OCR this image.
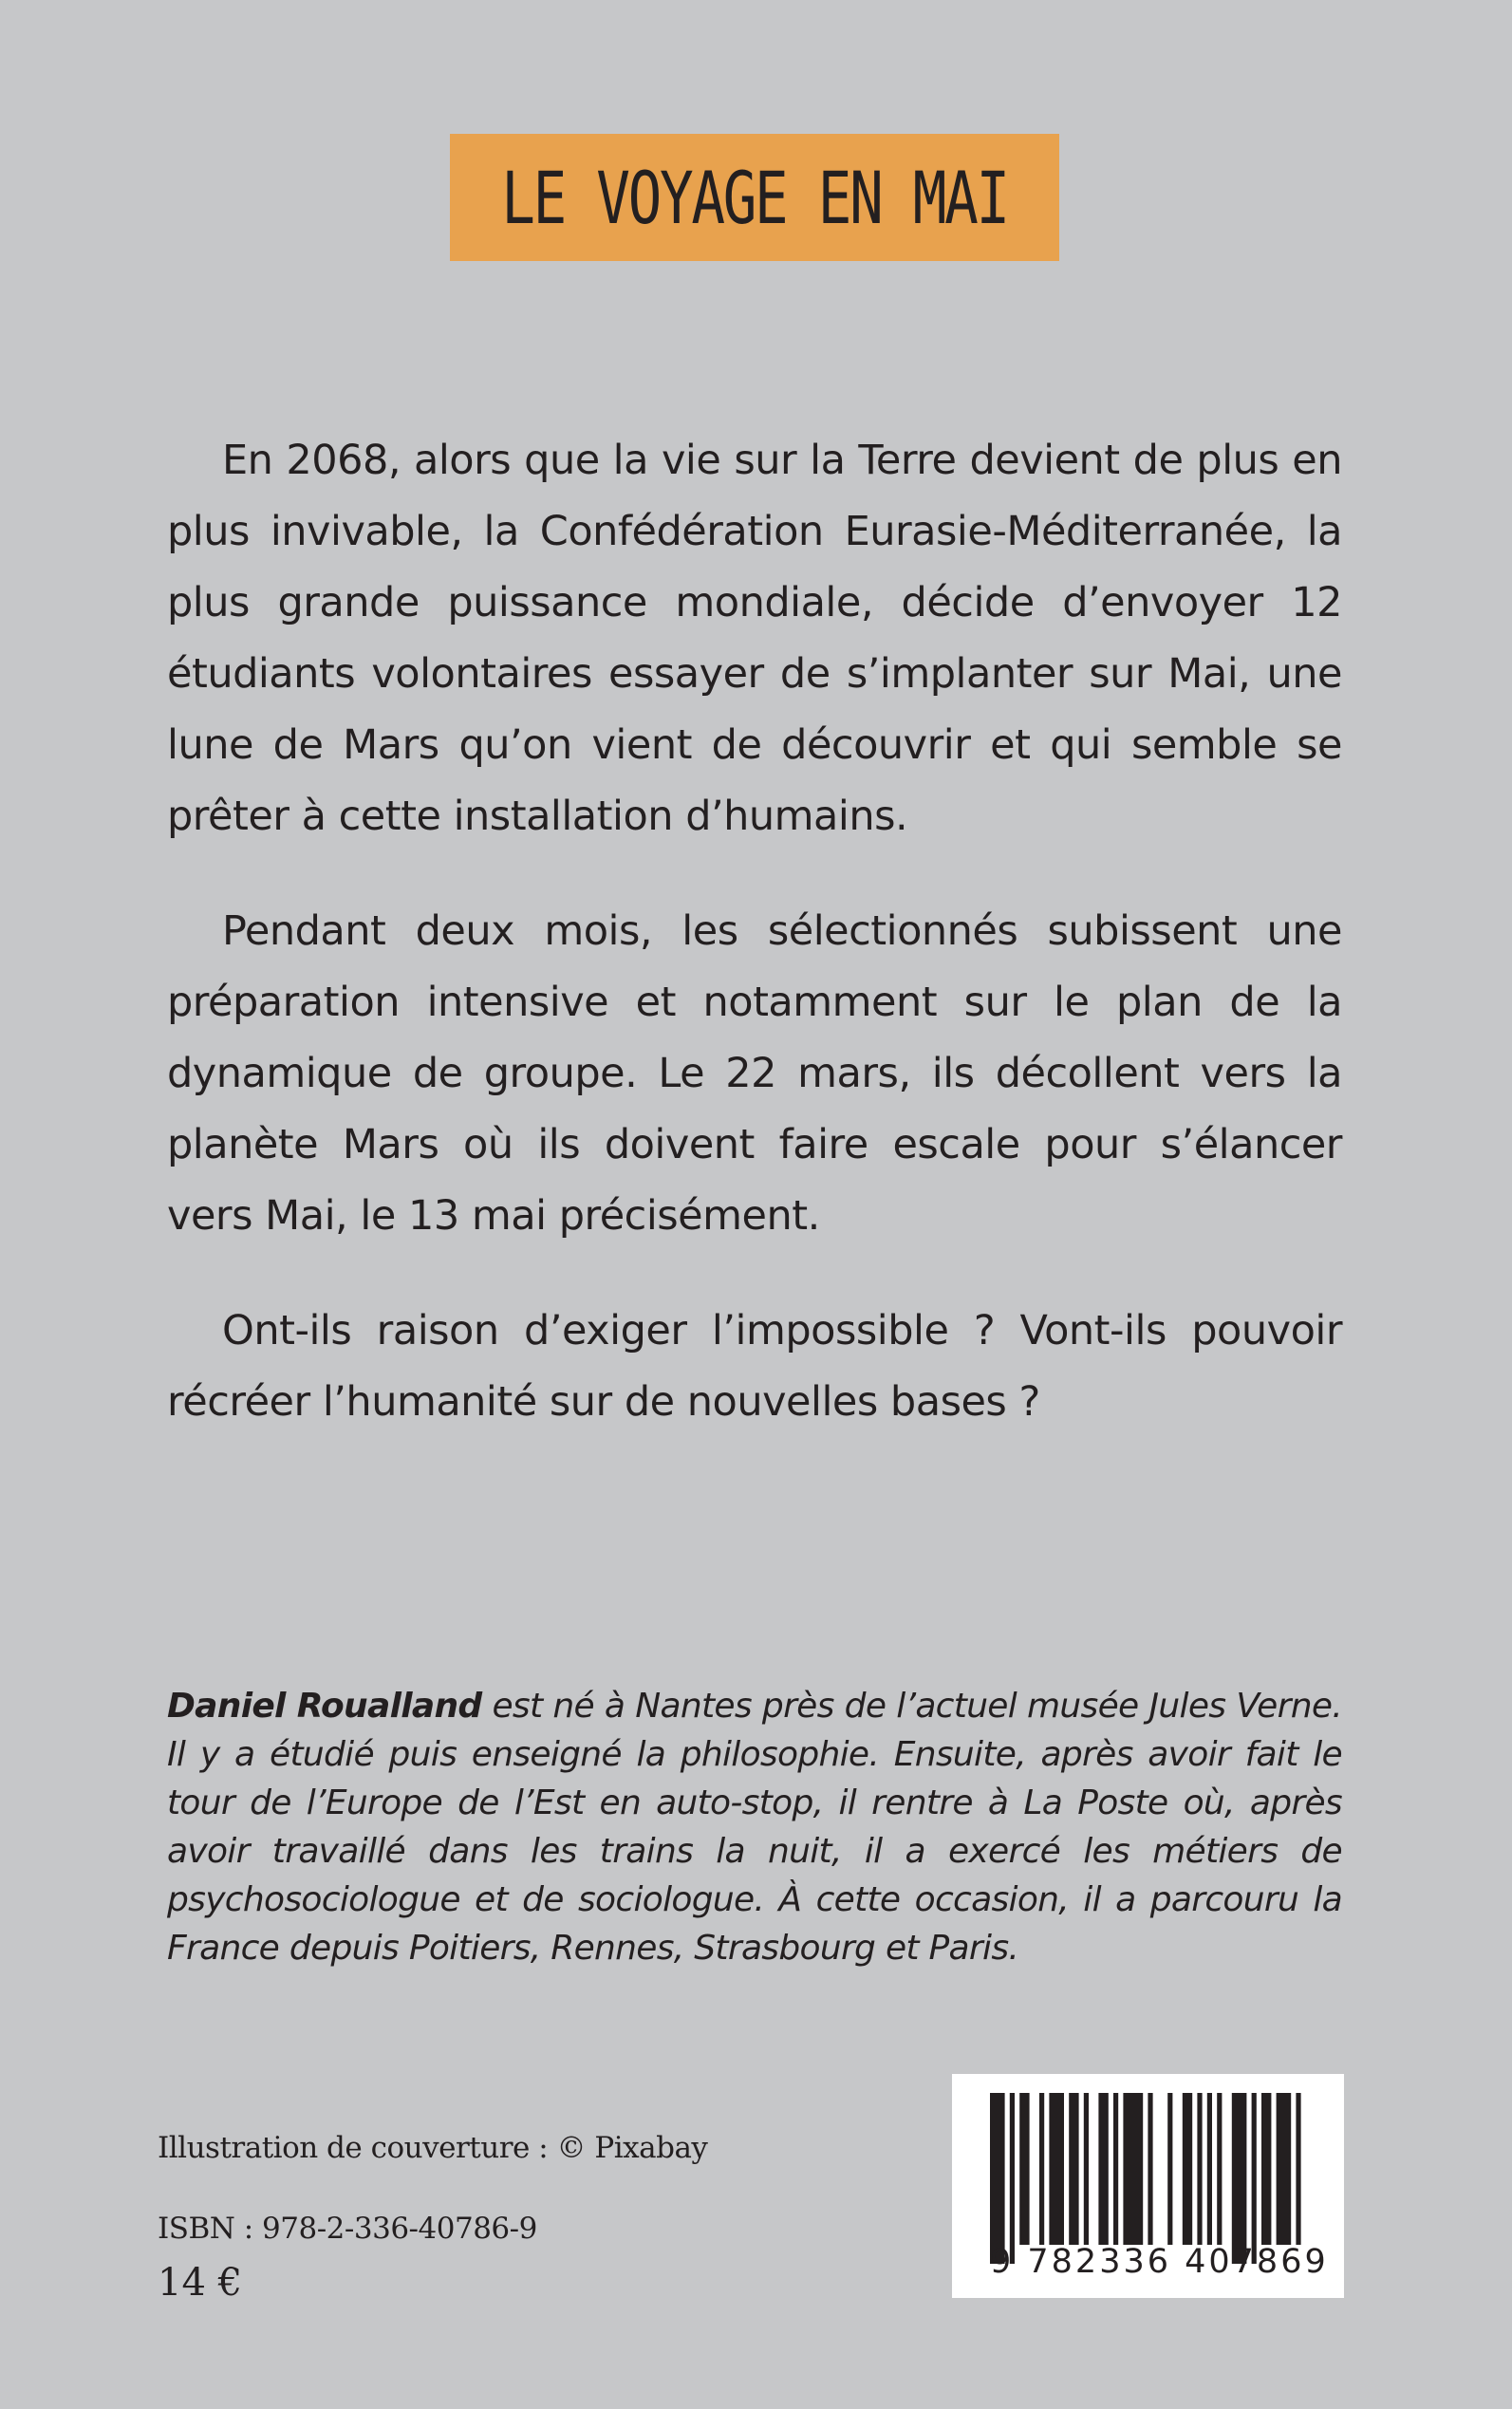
LE VOYAGE EN MAI

En 2068, alors que la vie sur la Terre devient de plus en plus invivable, la Confédération Eurasie-Méditerranée, la plus grande puissance mondiale, décide d’envoyer 12 étudiants volontaires essayer de s’implanter sur Mai, une lune de Mars qu’on vient de découvrir et qui semble se prêter à cette installation d’humains.

Pendant deux mois, les sélectionnés subissent une préparation intensive et notamment sur le plan de la dynamique de groupe. Le 22 mars, ils décollent vers la planète Mars où ils doivent faire escale pour s’élancer vers Mai, le 13 mai précisément.

Ont-ils raison d’exiger l’impossible ? Vont-ils pouvoir récréer l’humanité sur de nouvelles bases ?

Daniel Roualland est né à Nantes près de l’actuel musée Jules Verne. Il y a étudié puis enseigné la philosophie. Ensuite, après avoir fait le tour de l’Europe de l’Est en auto-stop, il rentre à La Poste où, après avoir travaillé dans les trains la nuit, il a exercé les métiers de psychosociologue et de sociologue. À cette occasion, il a parcouru la France depuis Poitiers, Rennes, Strasbourg et Paris.
Illustration de couverture : © Pixabay
ISBN : 978-2-336-40786-9
14 €	9 782336 407869
